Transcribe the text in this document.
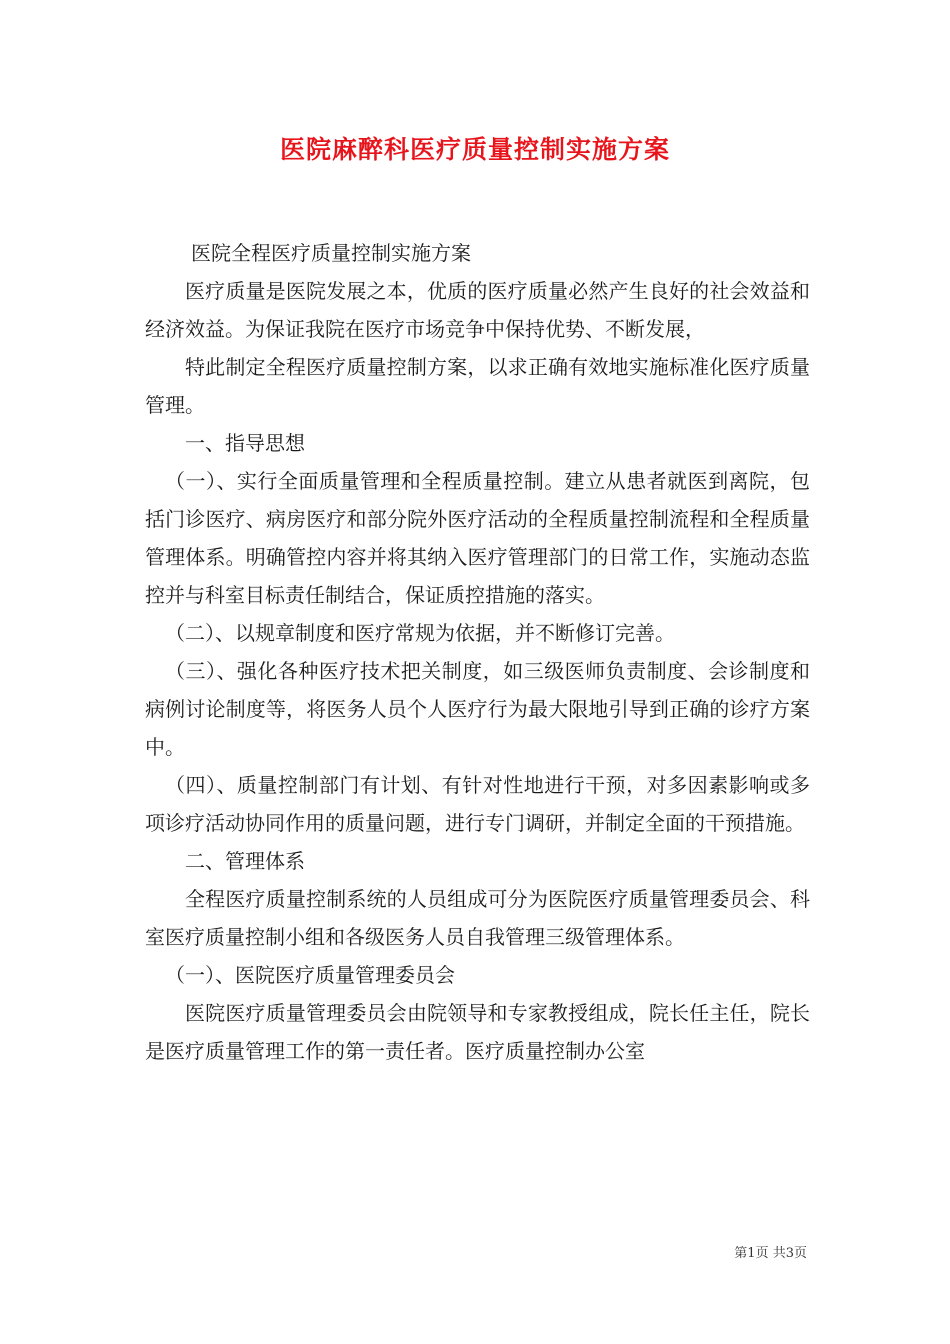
医院麻醉科医疗质量控制实施方案

医院全程医疗质量控制实施方案

医疗质量是医院发展之本，优质的医疗质量必然产生良好的社会效益和经济效益。为保证我院在医疗市场竞争中保持优势、不断发展，

特此制定全程医疗质量控制方案，以求正确有效地实施标准化医疗质量管理。

一、指导思想

（一）、实行全面质量管理和全程质量控制。建立从患者就医到离院，包括门诊医疗、病房医疗和部分院外医疗活动的全程质量控制流程和全程质量管理体系。明确管控内容并将其纳入医疗管理部门的日常工作，实施动态监控并与科室目标责任制结合，保证质控措施的落实。

（二）、以规章制度和医疗常规为依据，并不断修订完善。

（三）、强化各种医疗技术把关制度，如三级医师负责制度、会诊制度和病例讨论制度等，将医务人员个人医疗行为最大限地引导到正确的诊疗方案中。

（四）、质量控制部门有计划、有针对性地进行干预，对多因素影响或多项诊疗活动协同作用的质量问题，进行专门调研，并制定全面的干预措施。

二、管理体系

全程医疗质量控制系统的人员组成可分为医院医疗质量管理委员会、科室医疗质量控制小组和各级医务人员自我管理三级管理体系。

（一）、医院医疗质量管理委员会

医院医疗质量管理委员会由院领导和专家教授组成，院长任主任，院长是医疗质量管理工作的第一责任者。医疗质量控制办公室

第1页 共3页
